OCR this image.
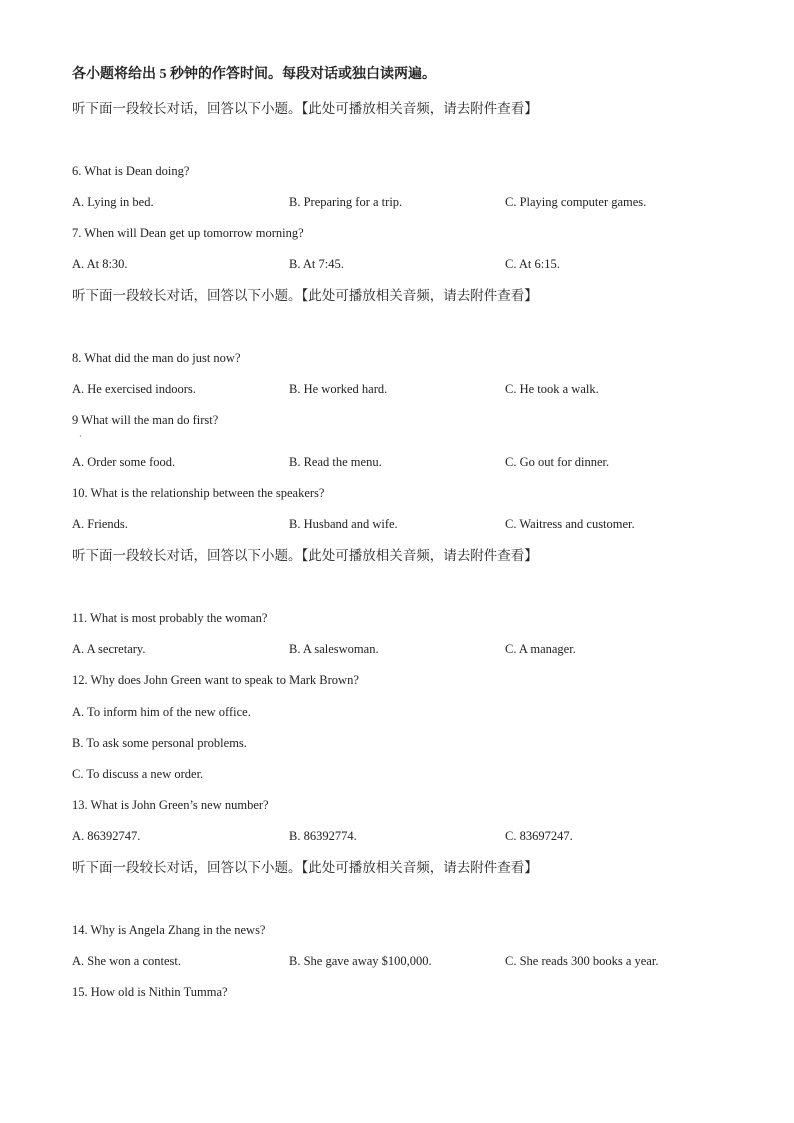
各小题将给出 5 秒钟的作答时间。每段对话或独白读两遍。
听下面一段较长对话，回答以下小题。【此处可播放相关音频，请去附件查看】
6. What is Dean doing?
A. Lying in bed.	B. Preparing for a trip.	C. Playing computer games.
7. When will Dean get up tomorrow morning?
A. At 8:30.	B. At 7:45.	C. At 6:15.
听下面一段较长对话，回答以下小题。【此处可播放相关音频，请去附件查看】
8. What did the man do just now?
A. He exercised indoors.	B. He worked hard.	C. He took a walk.
9 What will the man do first?
·
A. Order some food.	B. Read the menu.	C. Go out for dinner.
10. What is the relationship between the speakers?
A. Friends.	B. Husband and wife.	C. Waitress and customer.
听下面一段较长对话，回答以下小题。【此处可播放相关音频，请去附件查看】
11. What is most probably the woman?
A. A secretary.	B. A saleswoman.	C. A manager.
12. Why does John Green want to speak to Mark Brown?
A. To inform him of the new office.
B. To ask some personal problems.
C. To discuss a new order.
13. What is John Green’s new number?
A. 86392747.	B. 86392774.	C. 83697247.
听下面一段较长对话，回答以下小题。【此处可播放相关音频，请去附件查看】
14. Why is Angela Zhang in the news?
A. She won a contest.	B. She gave away $100,000.	C. She reads 300 books a year.
15. How old is Nithin Tumma?
